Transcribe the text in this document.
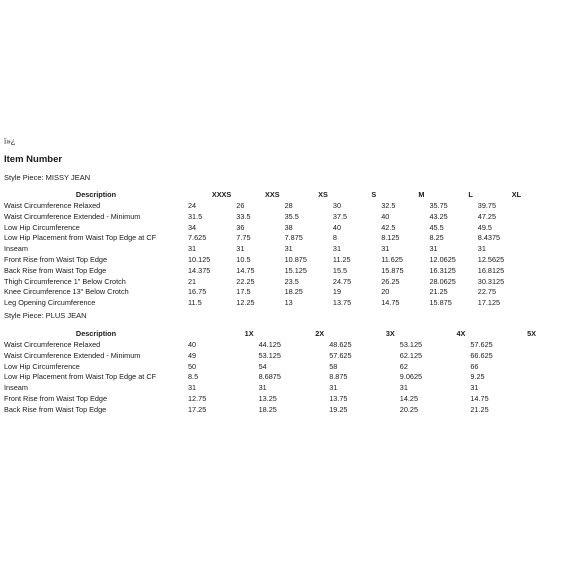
ï»¿
Item Number
Style Piece: MISSY JEAN
Description	XXXS	XXS	XS	S	M	L	XL
Waist Circumference Relaxed	24	26	28	30	32.5	35.75	39.75
Waist Circumference Extended - Minimum	31.5	33.5	35.5	37.5	40	43.25	47.25
Low Hip Circumference	34	36	38	40	42.5	45.5	49.5
Low Hip Placement from Waist Top Edge at CF	7.625	7.75	7.875	8	8.125	8.25	8.4375
Inseam	31	31	31	31	31	31	31
Front Rise from Waist Top Edge	10.125	10.5	10.875	11.25	11.625	12.0625	12.5625
Back Rise from Waist Top Edge	14.375	14.75	15.125	15.5	15.875	16.3125	16.8125
Thigh Circumference 1" Below Crotch	21	22.25	23.5	24.75	26.25	28.0625	30.3125
Knee Circumference 13" Below Crotch	16.75	17.5	18.25	19	20	21.25	22.75
Leg Opening Circumference	11.5	12.25	13	13.75	14.75	15.875	17.125
Style Piece: PLUS JEAN
Description	1X	2X	3X	4X	5X
Waist Circumference Relaxed	40	44.125	48.625	53.125	57.625
Waist Circumference Extended - Minimum	49	53.125	57.625	62.125	66.625
Low Hip Circumference	50	54	58	62	66
Low Hip Placement from Waist Top Edge at CF	8.5	8.6875	8.875	9.0625	9.25
Inseam	31	31	31	31	31
Front Rise from Waist Top Edge	12.75	13.25	13.75	14.25	14.75
Back Rise from Waist Top Edge	17.25	18.25	19.25	20.25	21.25
